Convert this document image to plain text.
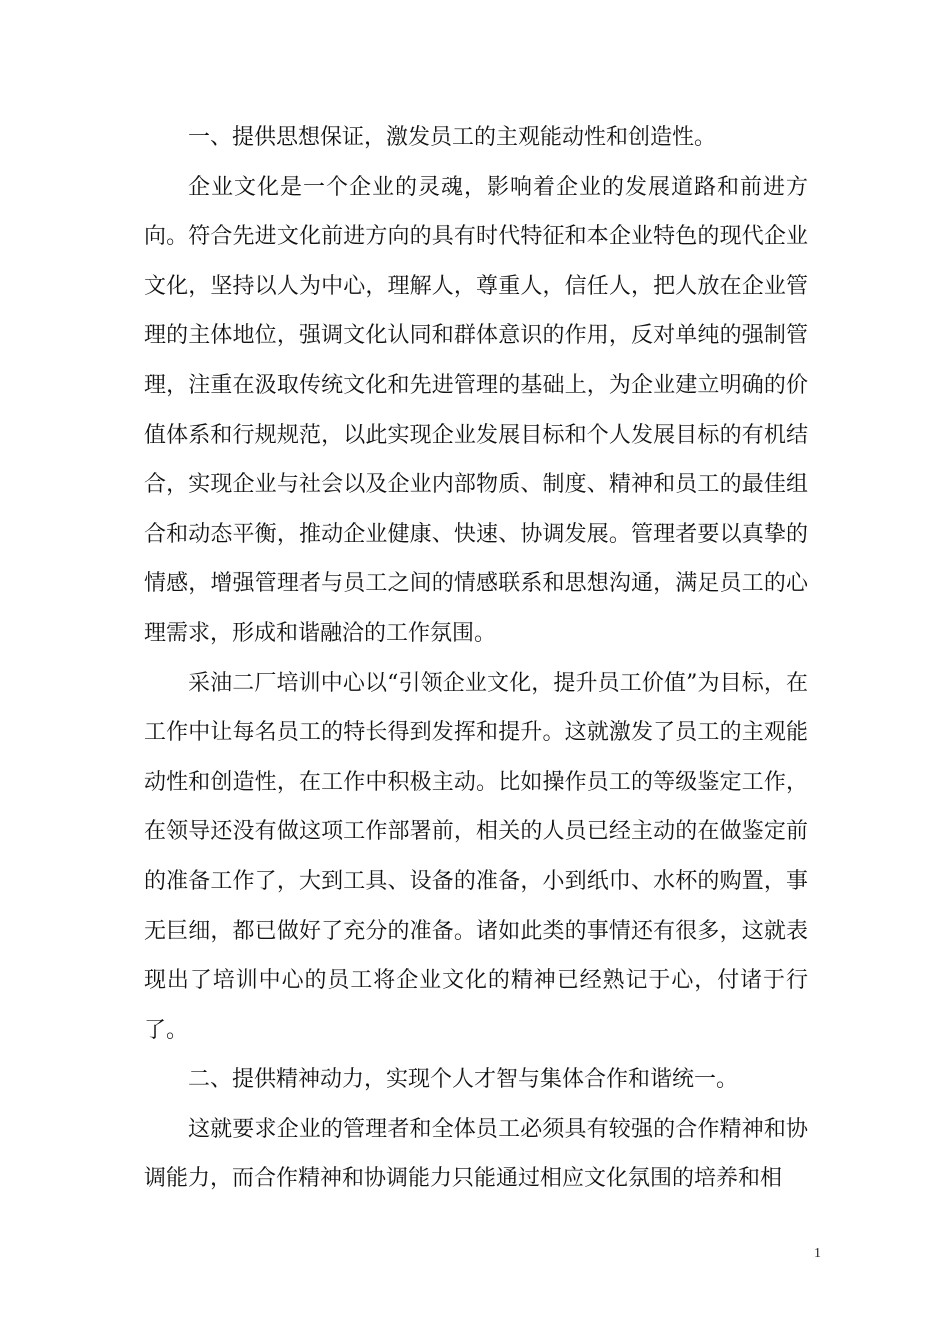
一、提供思想保证，激发员工的主观能动性和创造性。

企业文化是一个企业的灵魂，影响着企业的发展道路和前进方向。符合先进文化前进方向的具有时代特征和本企业特色的现代企业文化，坚持以人为中心，理解人，尊重人，信任人，把人放在企业管理的主体地位，强调文化认同和群体意识的作用，反对单纯的强制管理，注重在汲取传统文化和先进管理的基础上，为企业建立明确的价值体系和行规规范，以此实现企业发展目标和个人发展目标的有机结合，实现企业与社会以及企业内部物质、制度、精神和员工的最佳组合和动态平衡，推动企业健康、快速、协调发展。管理者要以真挚的情感，增强管理者与员工之间的情感联系和思想沟通，满足员工的心理需求，形成和谐融洽的工作氛围。

采油二厂培训中心以“引领企业文化，提升员工价值”为目标，在工作中让每名员工的特长得到发挥和提升。这就激发了员工的主观能动性和创造性，在工作中积极主动。比如操作员工的等级鉴定工作，在领导还没有做这项工作部署前，相关的人员已经主动的在做鉴定前的准备工作了，大到工具、设备的准备，小到纸巾、水杯的购置，事无巨细，都已做好了充分的准备。诸如此类的事情还有很多，这就表现出了培训中心的员工将企业文化的精神已经熟记于心，付诸于行了。

二、提供精神动力，实现个人才智与集体合作和谐统一。

这就要求企业的管理者和全体员工必须具有较强的合作精神和协调能力，而合作精神和协调能力只能通过相应文化氛围的培养和相

1
